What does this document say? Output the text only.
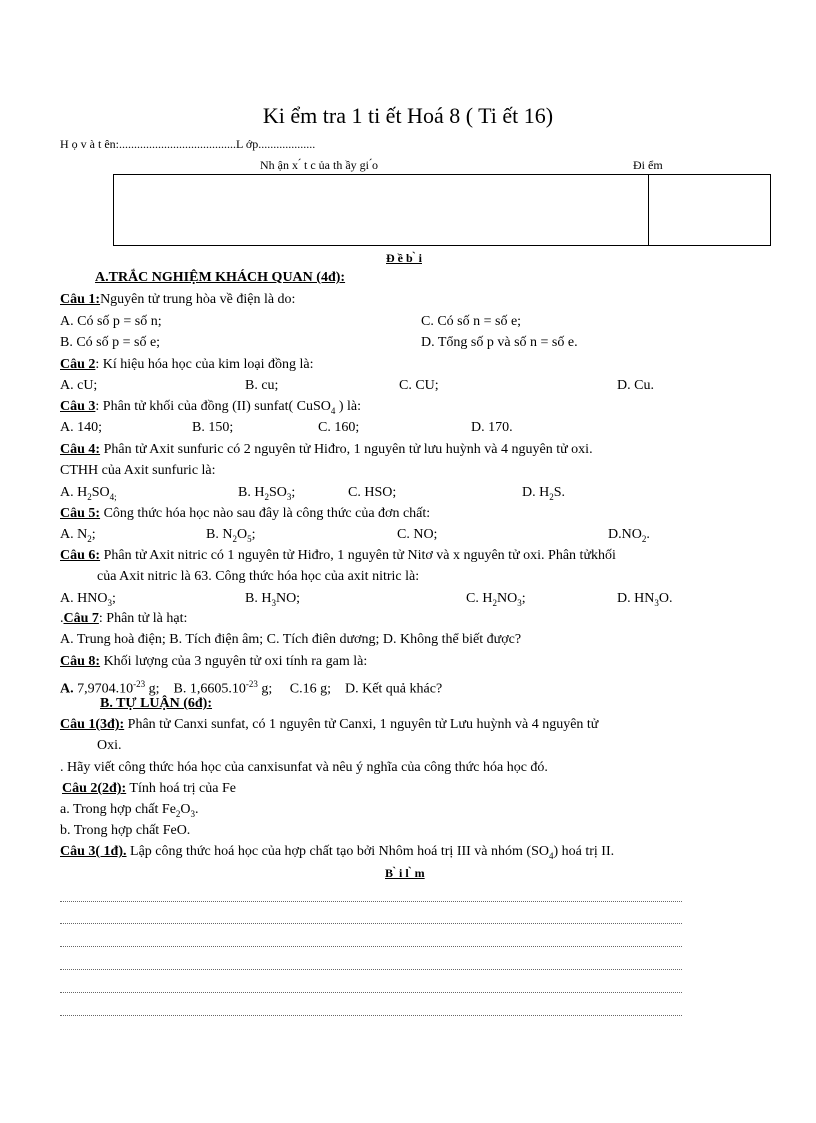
Ki ểm tra 1 ti ết Hoá 8 ( Ti ết 16)
H ọ v à t ên:.......................................L ớp...................
Nh ận x ́ t c ủa th ầy gi ́o	Đi ểm
Đ ề b ̀ i
A.TRẮC NGHIỆM KHÁCH QUAN (4đ):
Câu 1:Nguyên tử trung hòa về điện là do:
A. Có số p = số n;	C. Có số n = số e;
B. Có số p = số e;	D. Tổng số p và số n = số e.
Câu 2: Kí hiệu hóa học của kim loại đồng là:
A. cU;	B. cu;	C. CU;	D. Cu.
Câu 3: Phân tử khối của đồng (II) sunfat( CuSO$_4$ ) là:
A. 140;	B. 150;	C. 160;	D. 170.
Câu 4: Phân tử Axit sunfuric có 2 nguyên tử Hiđro, 1 nguyên tử lưu huỳnh và 4 nguyên tử oxi.
CTHH của Axit sunfuric là:
A. $H_2SO_{4;}$	B. $H_2SO_3$;	C. HSO;	D. $H_2S$.
Câu 5: Công thức hóa học nào sau đây là công thức của đơn chất:
A. $N_2$;	B. $N_2O_5$;	C. NO;	$D.NO_2$.
Câu 6: Phân tử Axit nitric có 1 nguyên tử Hiđro, 1 nguyên tử Nitơ và x nguyên tử oxi. Phân tửkhối
của Axit nitric là 63. Công thức hóa học của axit nitric là:
A. $HNO_3$;	B. $H_3NO$;	C. $H_2NO_3$;	D. $HN_3O$.
.Câu 7: Phân tử là hạt:
A. Trung hoà điện; B. Tích điện âm; C. Tích điên dương; D. Không thể biết được?
Câu 8: Khối lượng của 3 nguyên tử oxi tính ra gam là:
A. $7,9704.10^{-23}$ g; B. $1,6605.10^{-23}$ g; C.16 g; D. Kết quả khác?
B. TỰ LUẬN (6đ):
Câu 1(3đ): Phân tử Canxi sunfat, có 1 nguyên tử Canxi, 1 nguyên tử Lưu huỳnh và 4 nguyên tử
Oxi.
. Hãy viết công thức hóa học của canxisunfat và nêu ý nghĩa của công thức hóa học đó.
Câu 2(2đ): Tính hoá trị của Fe
a. Trong hợp chất $Fe_2O_3$.
b. Trong hợp chất FeO.
Câu 3( 1đ). Lập công thức hoá học của hợp chất tạo bởi Nhôm hoá trị III và nhóm $(SO_4)$ hoá trị II.
B ̀ i l ̀ m
